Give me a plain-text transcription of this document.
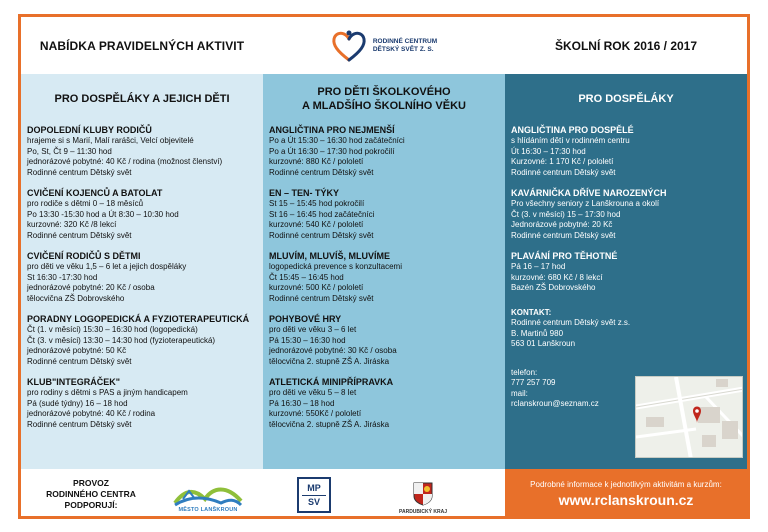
NABÍDKA PRAVIDELNÝCH AKTIVIT	RODINNÉ CENTRUM
DĚTSKÝ SVĚT Z. S.	ŠKOLNÍ ROK 2016 / 2017
PRO DOSPĚLÁKY A JEJICH DĚTI
DOPOLEDNÍ KLUBY RODIČŮ
hrajeme si s Marií, Malí rarášci, Velcí objevitelé
Po, St, Čt 9 – 11:30 hod
jednorázové pobytné: 40 Kč / rodina (možnost členství)
Rodinné centrum Dětský svět
CVIČENÍ KOJENCŮ A BATOLAT
pro rodiče s dětmi 0 – 18 měsíců
Po 13:30 -15:30 hod a Út 8:30 – 10:30 hod
kurzovné: 320 Kč /8 lekcí
Rodinné centrum Dětský svět
CVIČENÍ RODIČŮ S DĚTMI
pro děti ve věku 1,5 – 6 let a jejich dospěláky
St 16:30 -17:30 hod
jednorázové pobytné: 20 Kč / osoba
tělocvična ZŠ Dobrovského
PORADNY LOGOPEDICKÁ A FYZIOTERAPEUTICKÁ
Čt (1. v měsíci) 15:30 – 16:30 hod (logopedická)
Čt (3. v měsíci) 13:30 – 14:30 hod (fyzioterapeutická)
jednorázové pobytné: 50 Kč
Rodinné centrum Dětský svět
KLUB"INTEGRÁČEK"
pro rodiny s dětmi s PAS a jiným handicapem
Pá (sudé týdny) 16 – 18 hod
jednorázové pobytné: 40 Kč / rodina
Rodinné centrum Dětský svět
PRO DĚTI ŠKOLKOVÉHO
A MLADŠÍHO ŠKOLNÍHO VĚKU
ANGLIČTINA PRO NEJMENŠÍ
Po a Út 15:30 – 16:30 hod začátečníci
Po a Út 16:30 – 17:30 hod pokročilí
kurzovné: 880 Kč / pololetí
Rodinné centrum Dětský svět
EN – TEN- TÝKY
St 15 – 15:45 hod pokročilí
St 16 – 16:45 hod začátečníci
kurzovné: 540 Kč / pololetí
Rodinné centrum Dětský svět
MLUVÍM, MLUVÍŠ, MLUVÍME
logopedická prevence s konzultacemi
Čt 15:45 – 16:45 hod
kurzovné: 500 Kč / pololetí
Rodinné centrum Dětský svět
POHYBOVÉ HRY
pro děti ve věku 3 – 6 let
Pá 15:30 – 16:30 hod
jednorázové pobytné: 30 Kč / osoba
tělocvična 2. stupně ZŠ A. Jiráska
ATLETICKÁ MINIPŘÍPRAVKA
pro děti ve věku 5 – 8 let
Pá 16:30 – 18 hod
kurzovné: 550Kč / pololetí
tělocvična 2. stupně ZŠ A. Jiráska
PRO DOSPĚLÁKY
ANGLIČTINA PRO DOSPĚLÉ
s hlídáním dětí v rodinném centru
Út 16:30 – 17:30 hod
Kurzovné: 1 170 Kč / pololetí
Rodinné centrum Dětský svět
KAVÁRNIČKA DŘÍVE NAROZENÝCH
Pro všechny seniory z Lanškrouna a okolí
Čt (3. v měsíci) 15 – 17:30 hod
Jednorázové pobytné: 20 Kč
Rodinné centrum Dětský svět
PLAVÁNÍ PRO TĚHOTNÉ
Pá 16 – 17 hod
kurzovné: 680 Kč / 8 lekcí
Bazén ZŠ Dobrovského
KONTAKT:
Rodinné centrum Dětský svět z.s.
B. Martinů 980
563 01 Lanškroun
telefon:
777 257 709
mail:
rclanskroun@seznam.cz
PROVOZ
RODINNÉHO CENTRA
PODPORUJÍ:
MĚSTO LANŠKROUN
MP
SV
PARDUBICKÝ KRAJ
Podrobné informace k jednotlivým aktivitám a kurzům:
www.rclanskroun.cz
